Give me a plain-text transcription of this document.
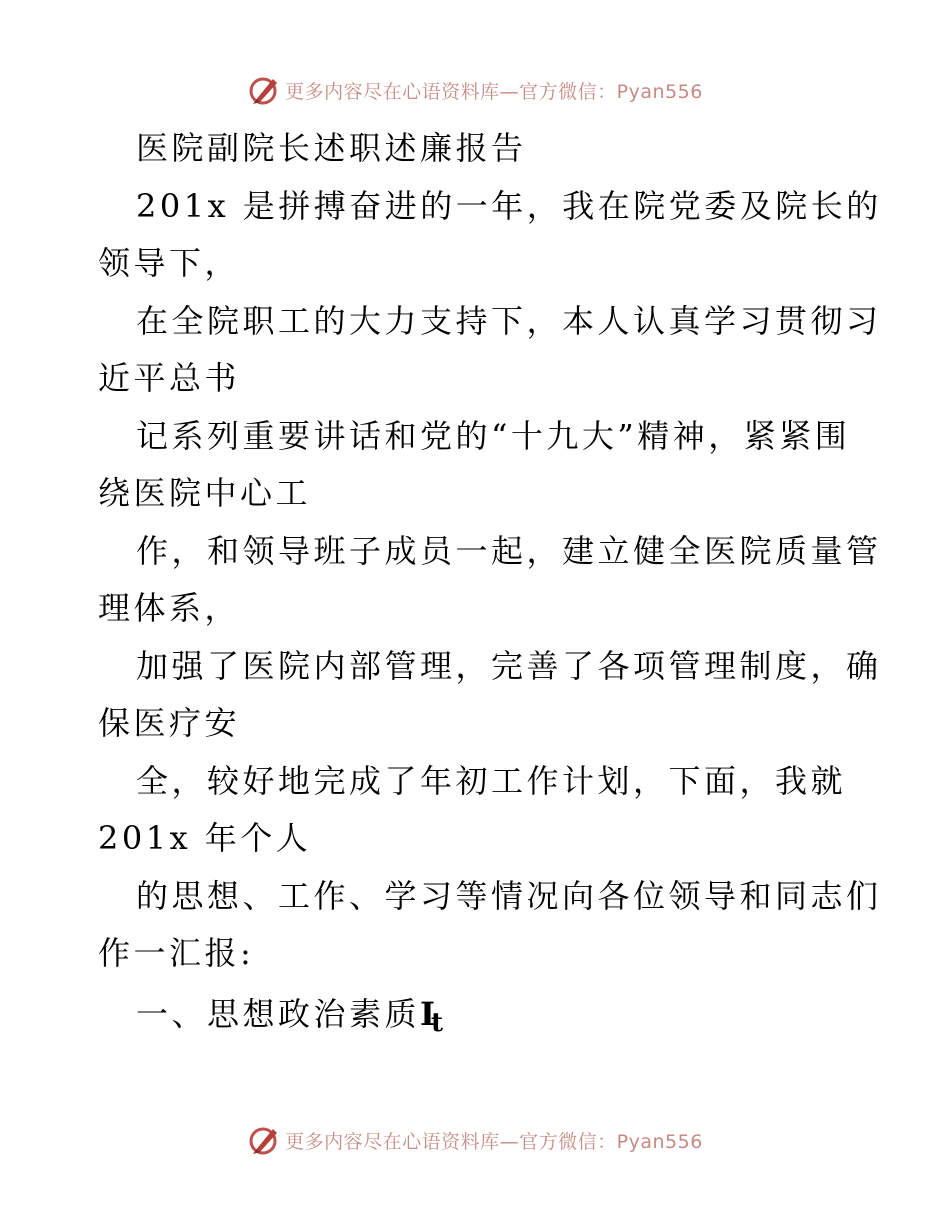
更多内容尽在心语资料库—官方微信：Pyan556
医院副院长述职述廉报告
201x 是拼搏奋进的一年，我在院党委及院长的
领导下，
在全院职工的大力支持下，本人认真学习贯彻习
近平总书
记系列重要讲话和党的“十九大”精神，紧紧围
绕医院中心工
作，和领导班子成员一起，建立健全医院质量管
理体系，
加强了医院内部管理，完善了各项管理制度，确
保医疗安
全，较好地完成了年初工作计划，下面，我就
201x 年个人
的思想、工作、学习等情况向各位领导和同志们
作一汇报:
一、思想政治素质$I_t$
更多内容尽在心语资料库—官方微信：Pyan556
